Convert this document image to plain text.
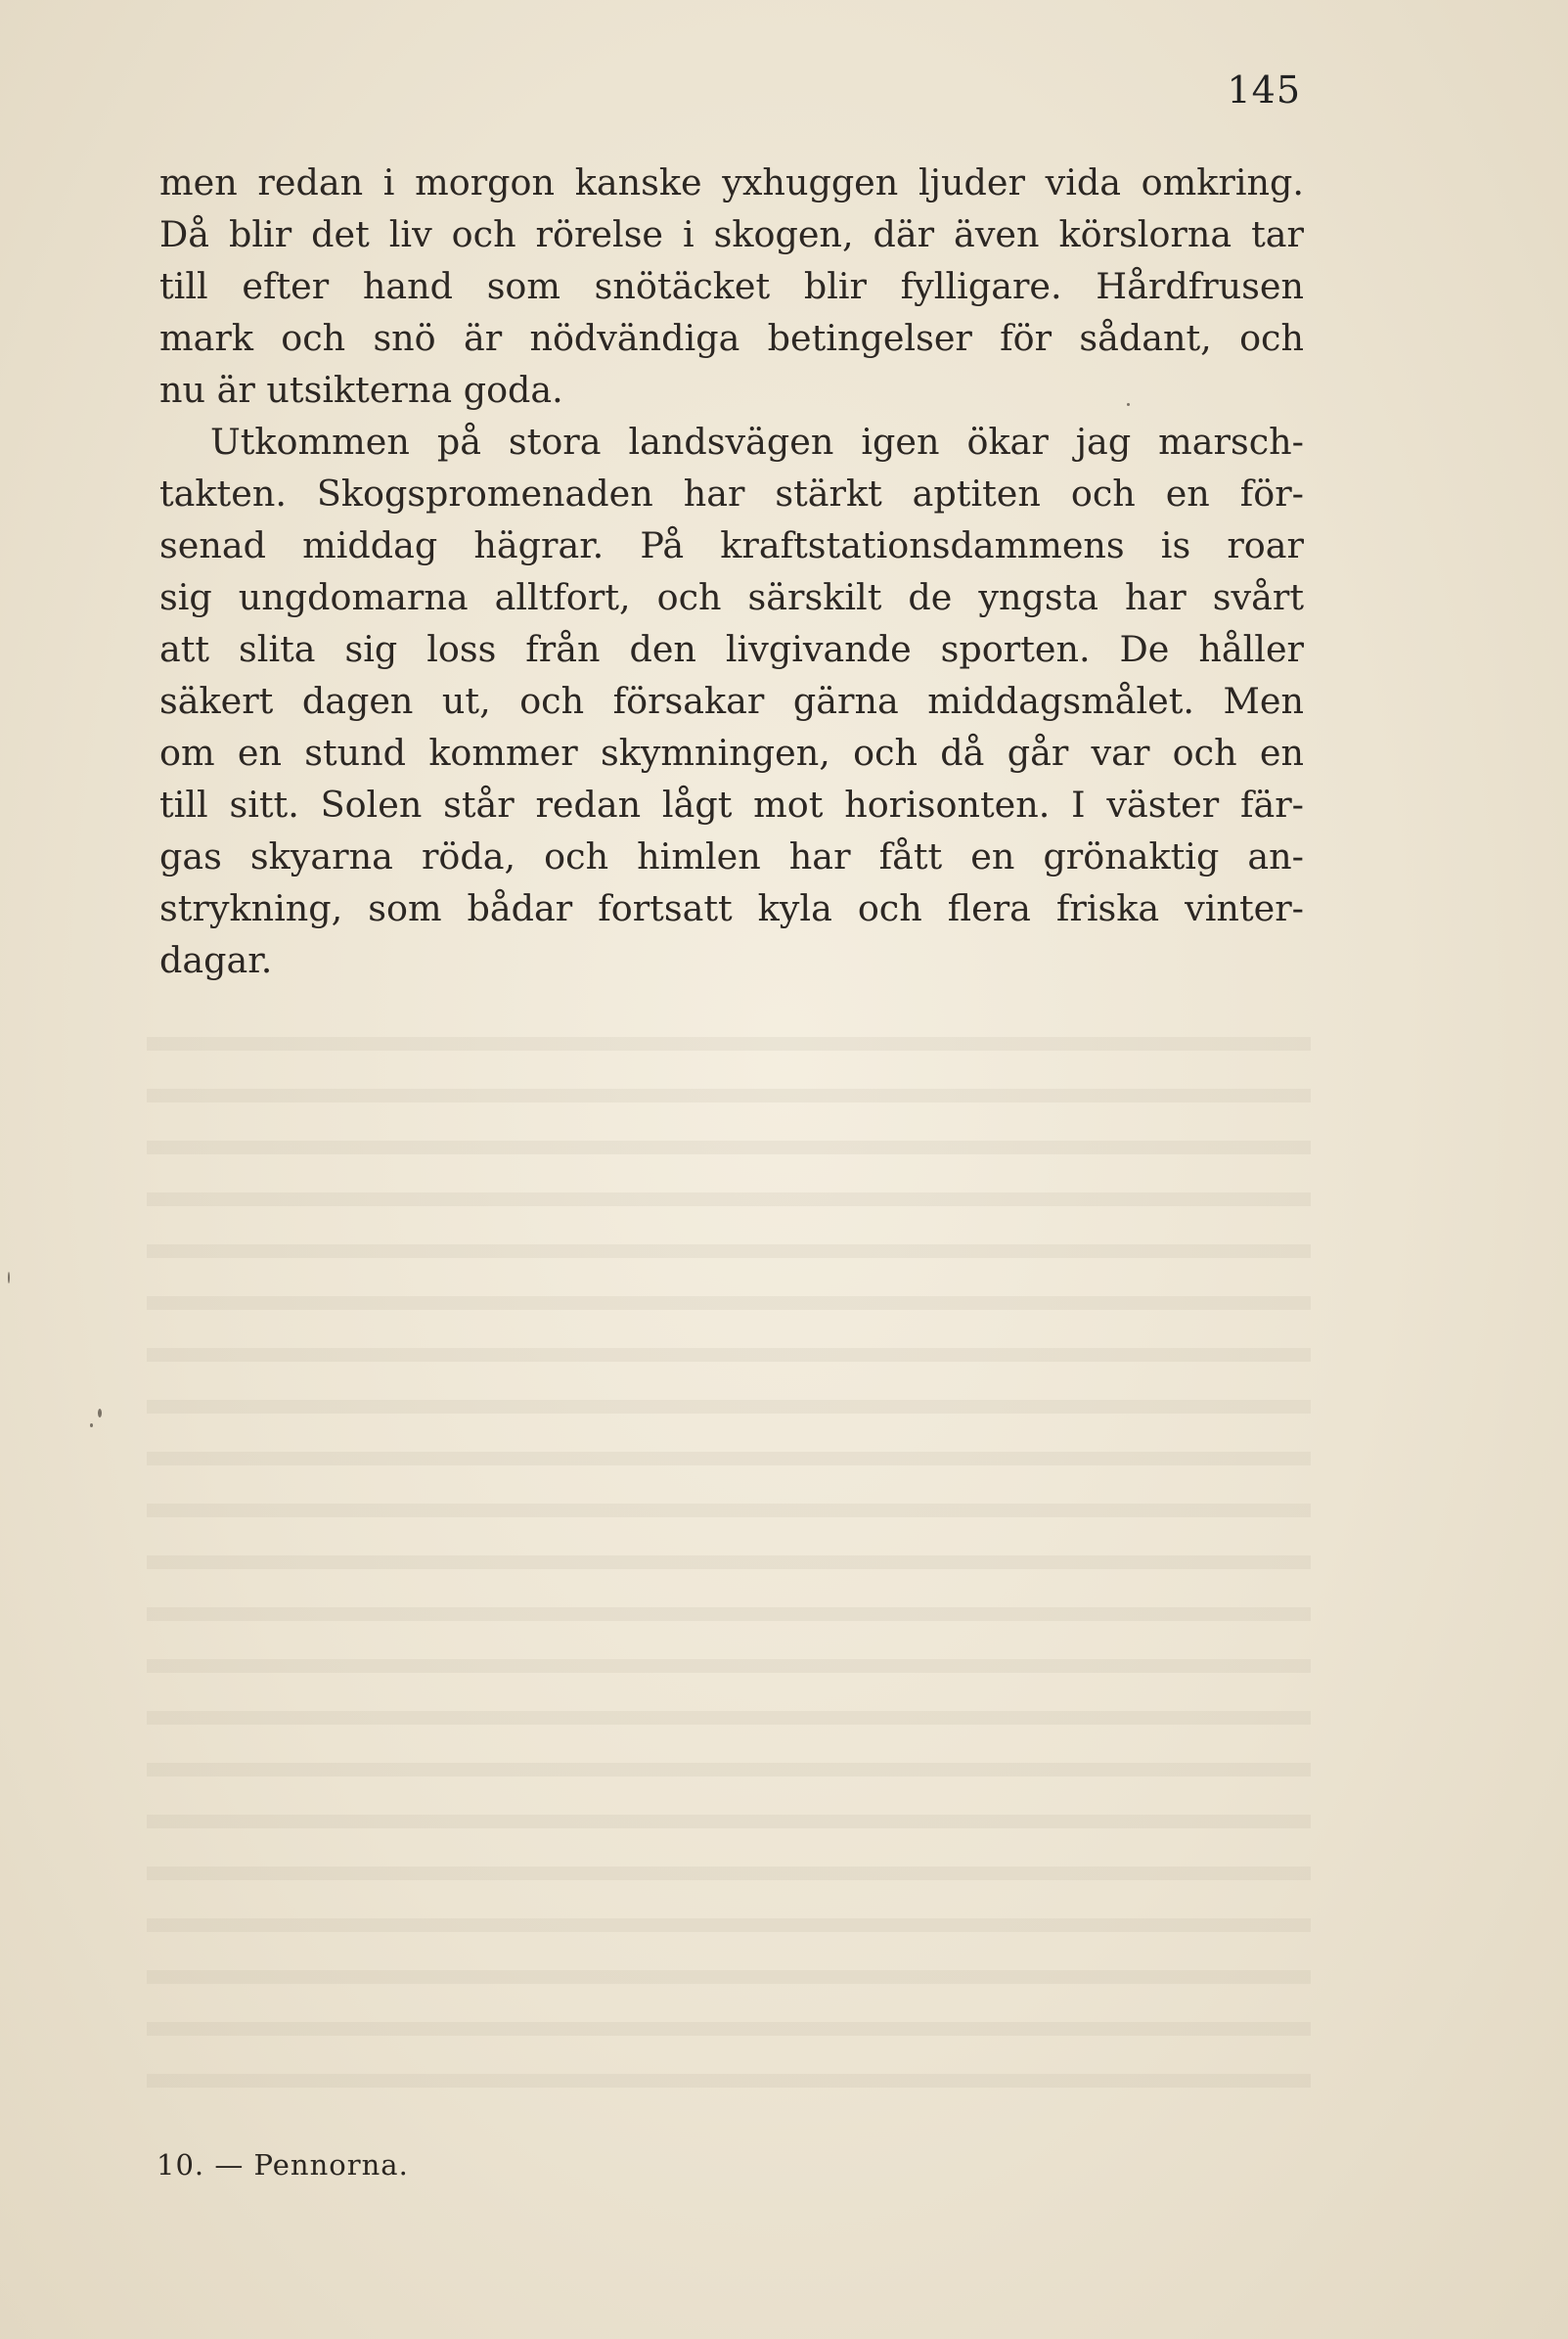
145
men redan i morgon kanske yxhuggen ljuder vida omkring.
Då blir det liv och rörelse i skogen, där även körslorna tar
till efter hand som snötäcket blir fylligare. Hårdfrusen
mark och snö är nödvändiga betingelser för sådant, och
nu är utsikterna goda.
Utkommen på stora landsvägen igen ökar jag marsch-
takten. Skogspromenaden har stärkt aptiten och en för-
senad middag hägrar. På kraftstationsdammens is roar
sig ungdomarna alltfort, och särskilt de yngsta har svårt
att slita sig loss från den livgivande sporten. De håller
säkert dagen ut, och försakar gärna middagsmålet. Men
om en stund kommer skymningen, och då går var och en
till sitt. Solen står redan lågt mot horisonten. I väster fär-
gas skyarna röda, och himlen har fått en grönaktig an-
strykning, som bådar fortsatt kyla och flera friska vinter-
dagar.
10. — Pennorna.
